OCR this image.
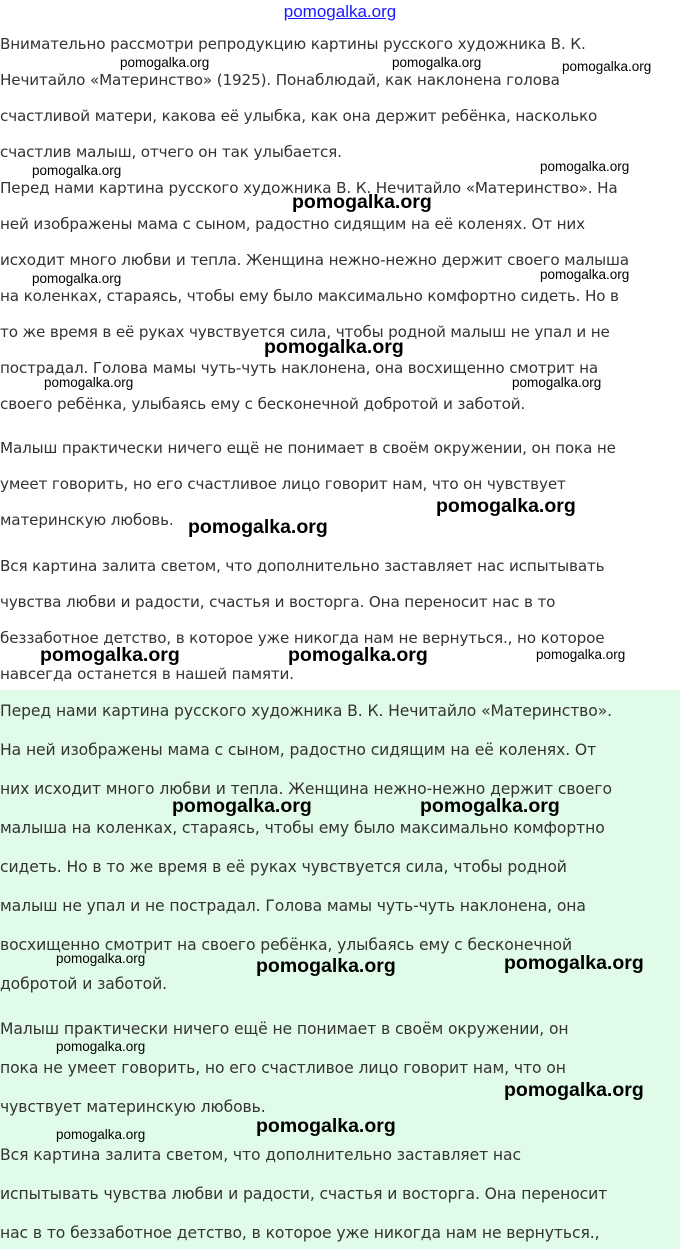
pomogalka.org
Внимательно рассмотри репродукцию картины русского художника В. К.
Нечитайло «Материнство» (1925). Понаблюдай, как наклонена голова
счастливой матери, какова её улыбка, как она держит ребёнка, насколько
счастлив малыш, отчего он так улыбается.
Перед нами картина русского художника В. К. Нечитайло «Материнство». На
ней изображены мама с сыном, радостно сидящим на её коленях. От них
исходит много любви и тепла. Женщина нежно-нежно держит своего малыша
на коленках, стараясь, чтобы ему было максимально комфортно сидеть. Но в
то же время в её руках чувствуется сила, чтобы родной малыш не упал и не
пострадал. Голова мамы чуть-чуть наклонена, она восхищенно смотрит на
своего ребёнка, улыбаясь ему с бесконечной добротой и заботой.
Малыш практически ничего ещё не понимает в своём окружении, он пока не
умеет говорить, но его счастливое лицо говорит нам, что он чувствует
материнскую любовь.
Вся картина залита светом, что дополнительно заставляет нас испытывать
чувства любви и радости, счастья и восторга. Она переносит нас в то
беззаботное детство, в которое уже никогда нам не вернуться., но которое
навсегда останется в нашей памяти.
Перед нами картина русского художника В. К. Нечитайло «Материнство».
На ней изображены мама с сыном, радостно сидящим на её коленях. От
них исходит много любви и тепла. Женщина нежно-нежно держит своего
малыша на коленках, стараясь, чтобы ему было максимально комфортно
сидеть. Но в то же время в её руках чувствуется сила, чтобы родной
малыш не упал и не пострадал. Голова мамы чуть-чуть наклонена, она
восхищенно смотрит на своего ребёнка, улыбаясь ему с бесконечной
добротой и заботой.
Малыш практически ничего ещё не понимает в своём окружении, он
пока не умеет говорить, но его счастливое лицо говорит нам, что он
чувствует материнскую любовь.
Вся картина залита светом, что дополнительно заставляет нас
испытывать чувства любви и радости, счастья и восторга. Она переносит
нас в то беззаботное детство, в которое уже никогда нам не вернуться.,
pomogalka.org	pomogalka.org	pomogalka.org
pomogalka.org	pomogalka.org
pomogalka.org
pomogalka.org	pomogalka.org
pomogalka.org
pomogalka.org	pomogalka.org
pomogalka.org
pomogalka.org
pomogalka.org	pomogalka.org	pomogalka.org
pomogalka.org	pomogalka.org
pomogalka.org	pomogalka.org	pomogalka.org
pomogalka.org
pomogalka.org
pomogalka.org	pomogalka.org
